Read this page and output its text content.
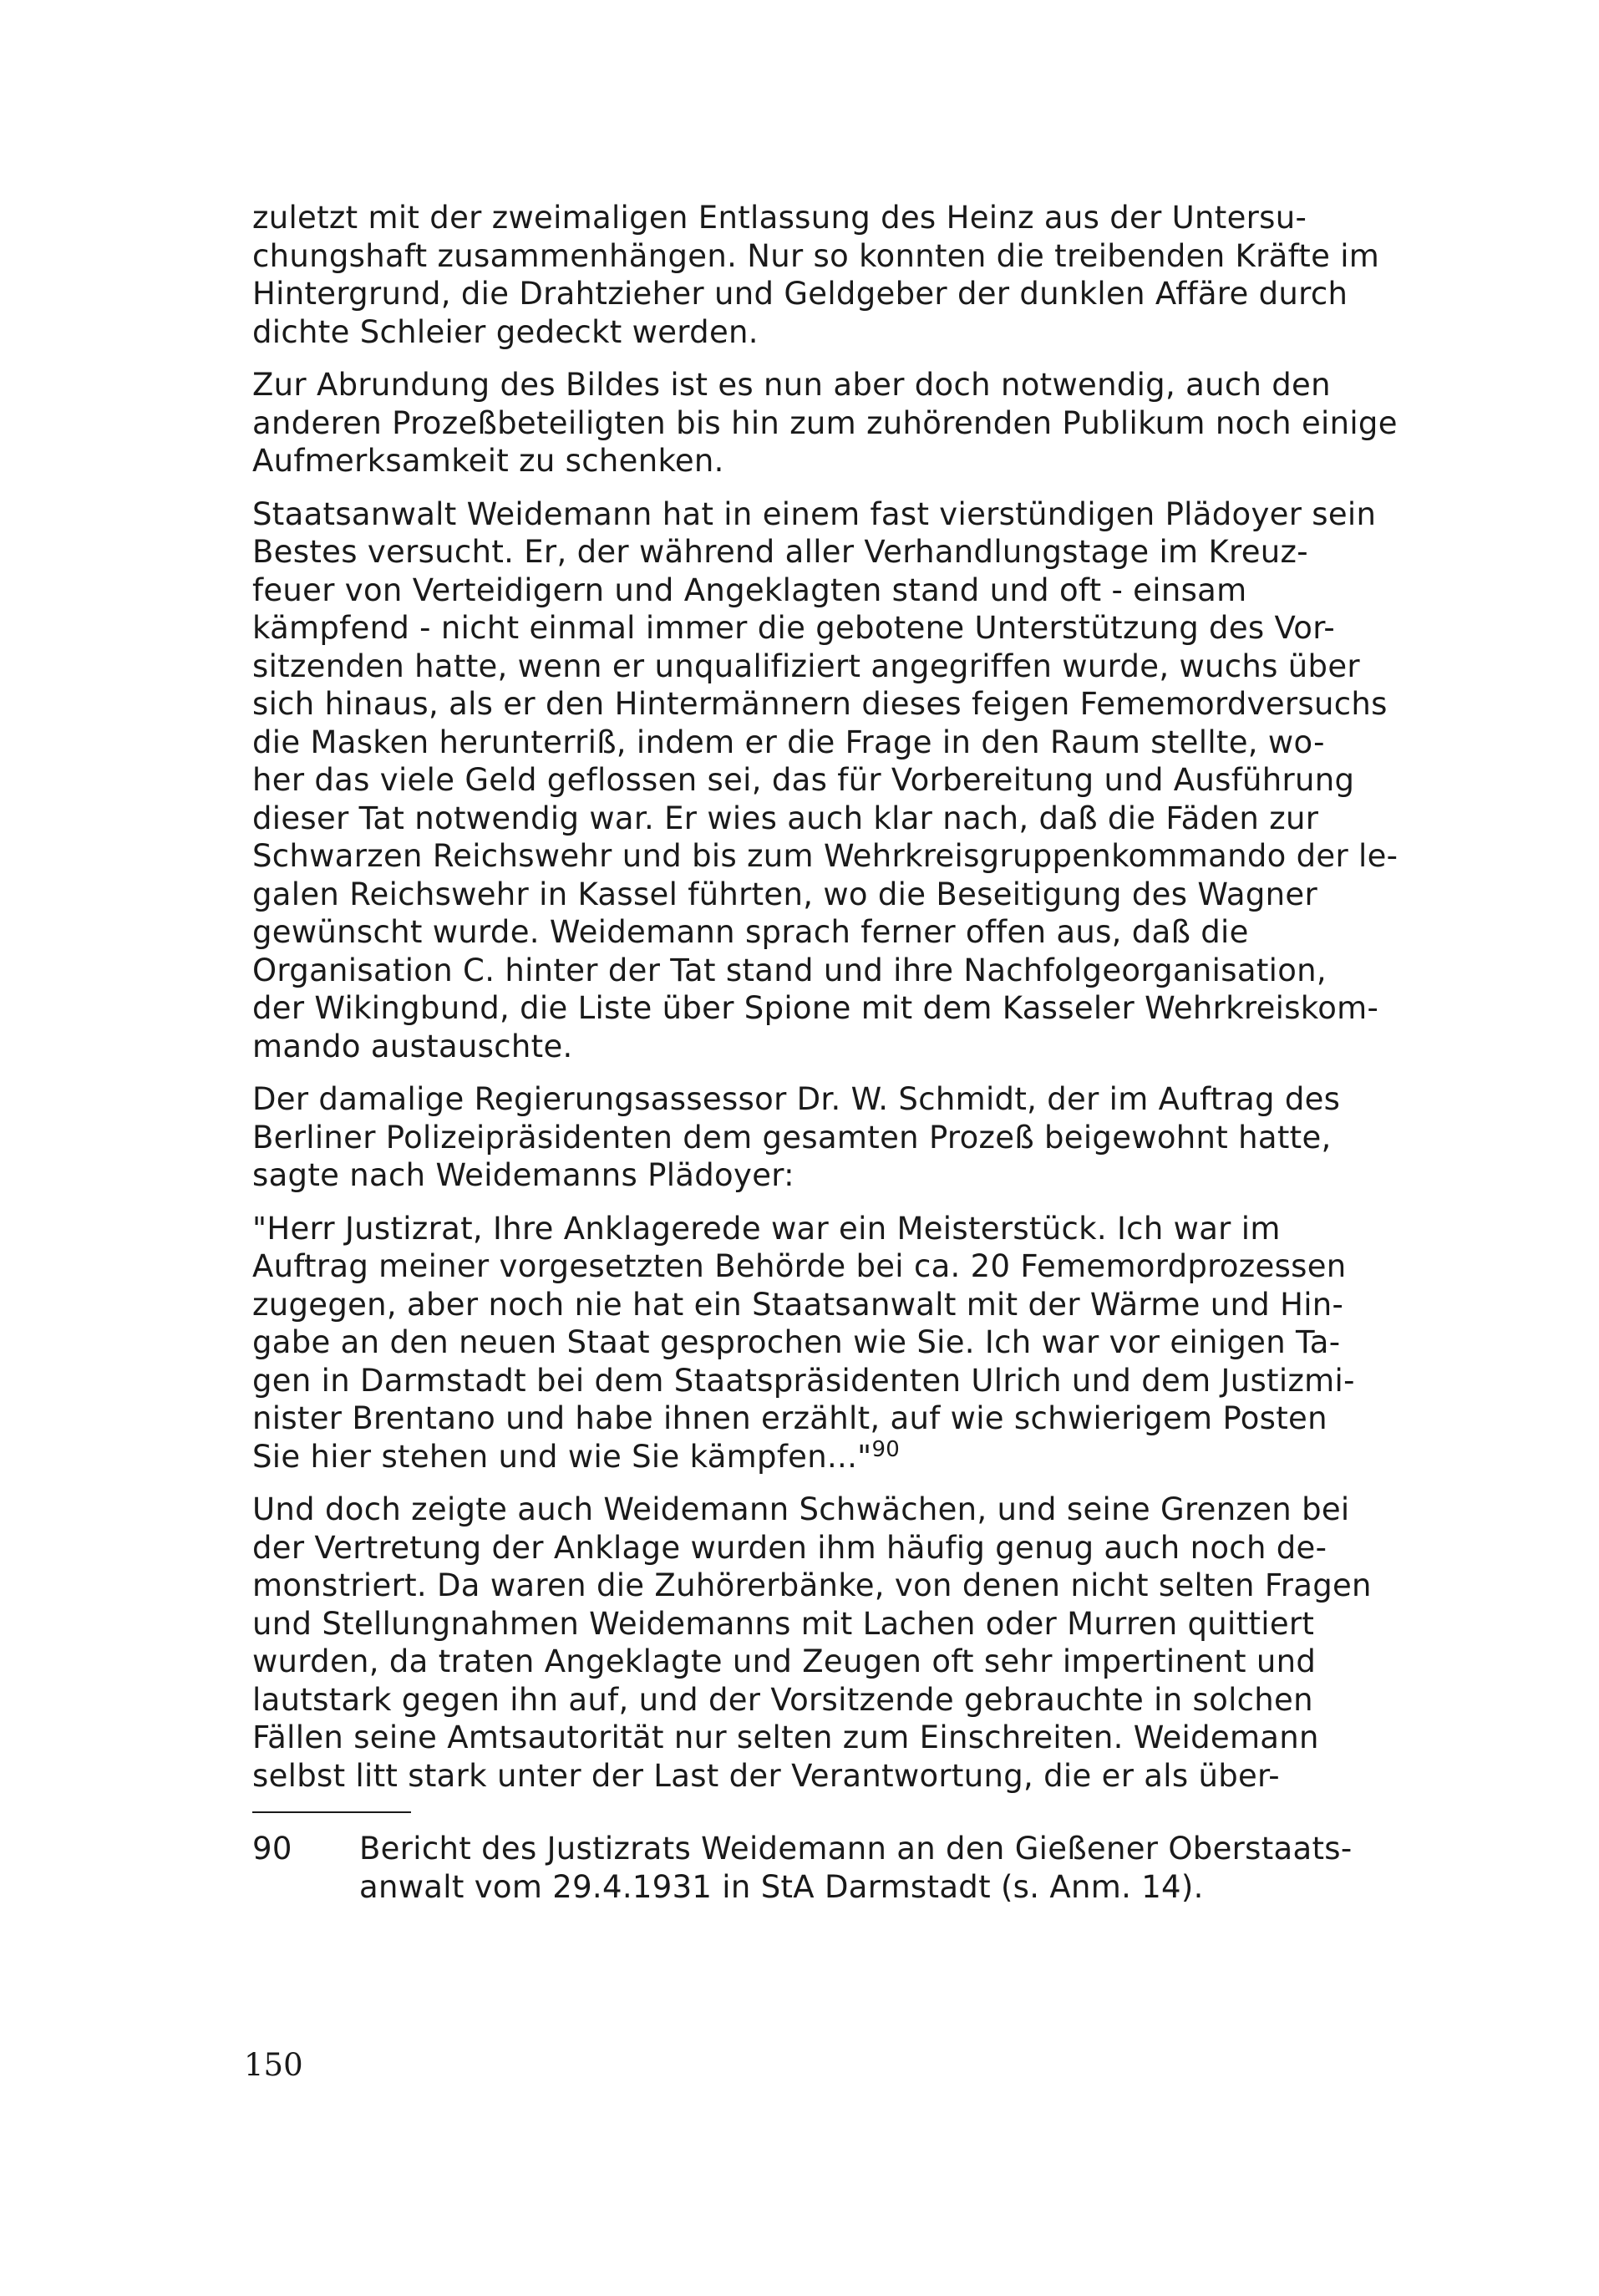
zuletzt mit der zweimaligen Entlassung des Heinz aus der Untersu-
chungshaft zusammenhängen. Nur so konnten die treibenden Kräfte im
Hintergrund, die Drahtzieher und Geldgeber der dunklen Affäre durch
dichte Schleier gedeckt werden.

Zur Abrundung des Bildes ist es nun aber doch notwendig, auch den
anderen Prozeßbeteiligten bis hin zum zuhörenden Publikum noch einige
Aufmerksamkeit zu schenken.

Staatsanwalt Weidemann hat in einem fast vierstündigen Plädoyer sein
Bestes versucht. Er, der während aller Verhandlungstage im Kreuz-
feuer von Verteidigern und Angeklagten stand und oft - einsam
kämpfend - nicht einmal immer die gebotene Unterstützung des Vor-
sitzenden hatte, wenn er unqualifiziert angegriffen wurde, wuchs über
sich hinaus, als er den Hintermännern dieses feigen Fememordversuchs
die Masken herunterriß, indem er die Frage in den Raum stellte, wo-
her das viele Geld geflossen sei, das für Vorbereitung und Ausführung
dieser Tat notwendig war. Er wies auch klar nach, daß die Fäden zur
Schwarzen Reichswehr und bis zum Wehrkreisgruppenkommando der le-
galen Reichswehr in Kassel führten, wo die Beseitigung des Wagner
gewünscht wurde. Weidemann sprach ferner offen aus, daß die
Organisation C. hinter der Tat stand und ihre Nachfolgeorganisation,
der Wikingbund, die Liste über Spione mit dem Kasseler Wehrkreiskom-
mando austauschte.

Der damalige Regierungsassessor Dr. W. Schmidt, der im Auftrag des
Berliner Polizeipräsidenten dem gesamten Prozeß beigewohnt hatte,
sagte nach Weidemanns Plädoyer:

"Herr Justizrat, Ihre Anklagerede war ein Meisterstück. Ich war im
Auftrag meiner vorgesetzten Behörde bei ca. 20 Fememordprozessen
zugegen, aber noch nie hat ein Staatsanwalt mit der Wärme und Hin-
gabe an den neuen Staat gesprochen wie Sie. Ich war vor einigen Ta-
gen in Darmstadt bei dem Staatspräsidenten Ulrich und dem Justizmi-
nister Brentano und habe ihnen erzählt, auf wie schwierigem Posten
Sie hier stehen und wie Sie kämpfen..."$^{90}$

Und doch zeigte auch Weidemann Schwächen, und seine Grenzen bei
der Vertretung der Anklage wurden ihm häufig genug auch noch de-
monstriert. Da waren die Zuhörerbänke, von denen nicht selten Fragen
und Stellungnahmen Weidemanns mit Lachen oder Murren quittiert
wurden, da traten Angeklagte und Zeugen oft sehr impertinent und
lautstark gegen ihn auf, und der Vorsitzende gebrauchte in solchen
Fällen seine Amtsautorität nur selten zum Einschreiten. Weidemann
selbst litt stark unter der Last der Verantwortung, die er als über-

90 Bericht des Justizrats Weidemann an den Gießener Oberstaats-
anwalt vom 29.4.1931 in StA Darmstadt (s. Anm. 14).
150
